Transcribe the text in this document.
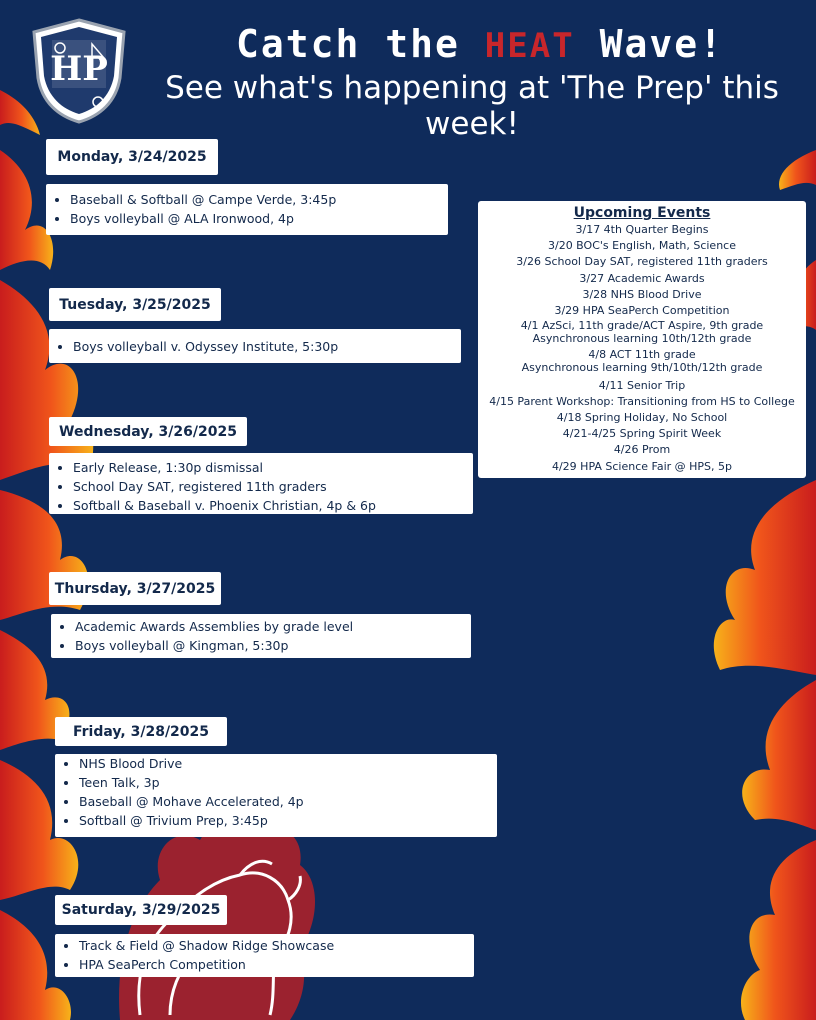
HP
Catch the HEAT Wave!
See what's happening at 'The Prep' this week!
Monday, 3/24/2025
• Baseball & Softball @ Campe Verde, 3:45p
• Boys volleyball @ ALA Ironwood, 4p
Tuesday, 3/25/2025
• Boys volleyball v. Odyssey Institute, 5:30p
Wednesday, 3/26/2025
• Early Release, 1:30p dismissal
• School Day SAT, registered 11th graders
• Softball & Baseball v. Phoenix Christian, 4p & 6p
Thursday, 3/27/2025
• Academic Awards Assemblies by grade level
• Boys volleyball @ Kingman, 5:30p
Friday, 3/28/2025
• NHS Blood Drive
• Teen Talk, 3p
• Baseball @ Mohave Accelerated, 4p
• Softball @ Trivium Prep, 3:45p
Saturday, 3/29/2025
• Track & Field @ Shadow Ridge Showcase
• HPA SeaPerch Competition
Upcoming Events
3/17 4th Quarter Begins
3/20 BOC's English, Math, Science
3/26 School Day SAT, registered 11th graders
3/27 Academic Awards
3/28 NHS Blood Drive
3/29 HPA SeaPerch Competition
4/1 AzSci, 11th grade/ACT Aspire, 9th grade
Asynchronous learning 10th/12th grade
4/8 ACT 11th grade
Asynchronous learning 9th/10th/12th grade
4/11 Senior Trip
4/15 Parent Workshop: Transitioning from HS to College
4/18 Spring Holiday, No School
4/21-4/25 Spring Spirit Week
4/26 Prom
4/29 HPA Science Fair @ HPS, 5p
